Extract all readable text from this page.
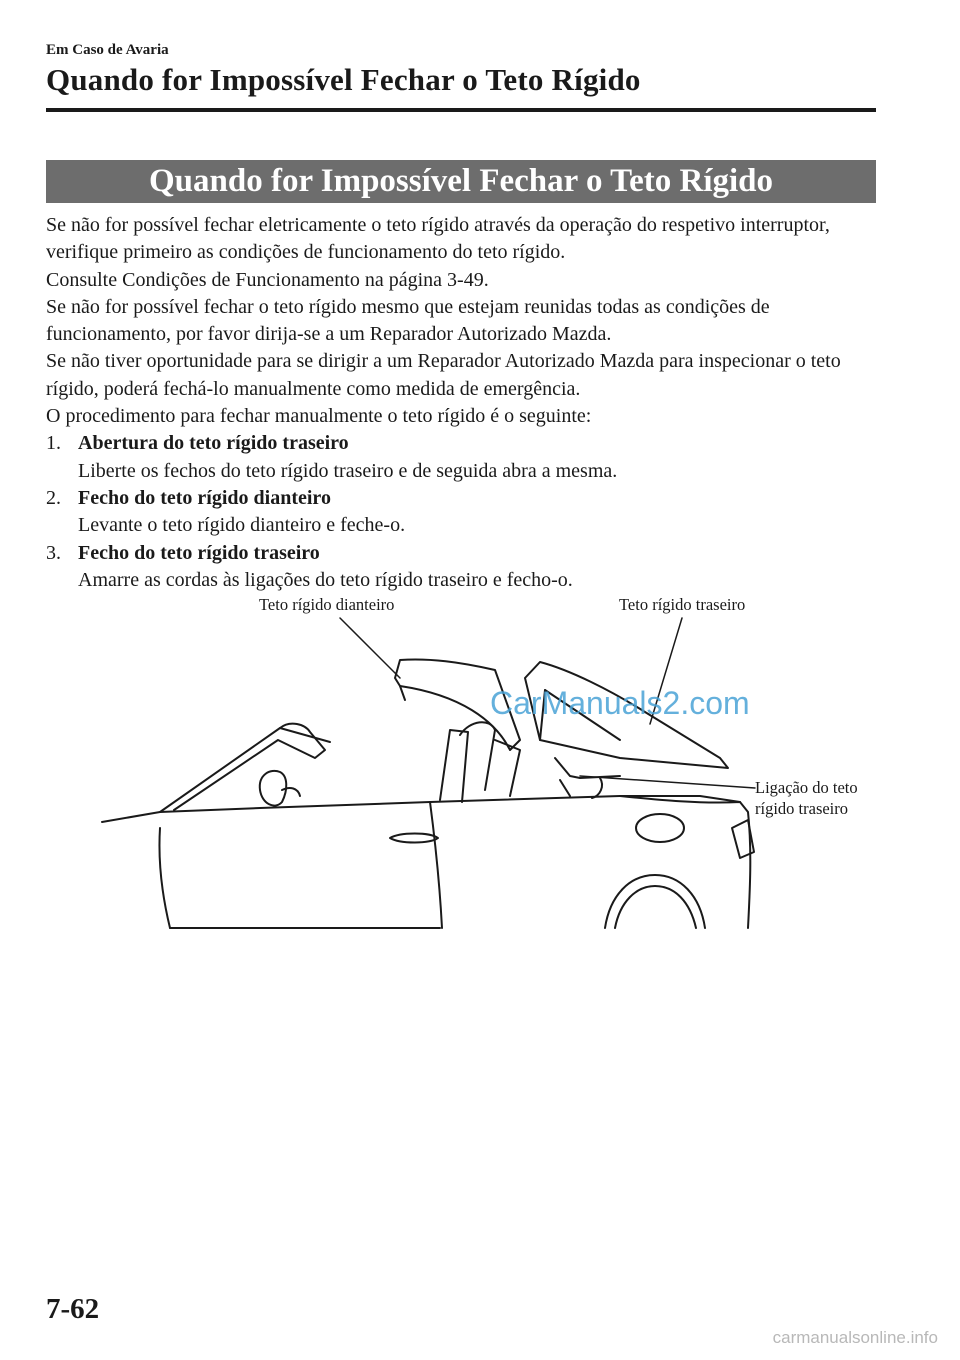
Em Caso de Avaria
Quando for Impossível Fechar o Teto Rígido
Quando for Impossível Fechar o Teto Rígido

Se não for possível fechar eletricamente o teto rígido através da operação do respetivo interruptor, verifique primeiro as condições de funcionamento do teto rígido.

Consulte Condições de Funcionamento na página 3-49.

Se não for possível fechar o teto rígido mesmo que estejam reunidas todas as condições de funcionamento, por favor dirija-se a um Reparador Autorizado Mazda.

Se não tiver oportunidade para se dirigir a um Reparador Autorizado Mazda para inspecionar o teto rígido, poderá fechá-lo manualmente como medida de emergência.

O procedimento para fechar manualmente o teto rígido é o seguinte:

1. Abertura do teto rígido traseiro
Liberte os fechos do teto rígido traseiro e de seguida abra a mesma.
2. Fecho do teto rígido dianteiro
Levante o teto rígido dianteiro e feche-o.
3. Fecho do teto rígido traseiro
Amarre as cordas às ligações do teto rígido traseiro e fecho-o.
Teto rígido dianteiro	Teto rígido traseiro
Ligação do teto rígido traseiro
CarManuals2.com
7-62
carmanualsonline.info
